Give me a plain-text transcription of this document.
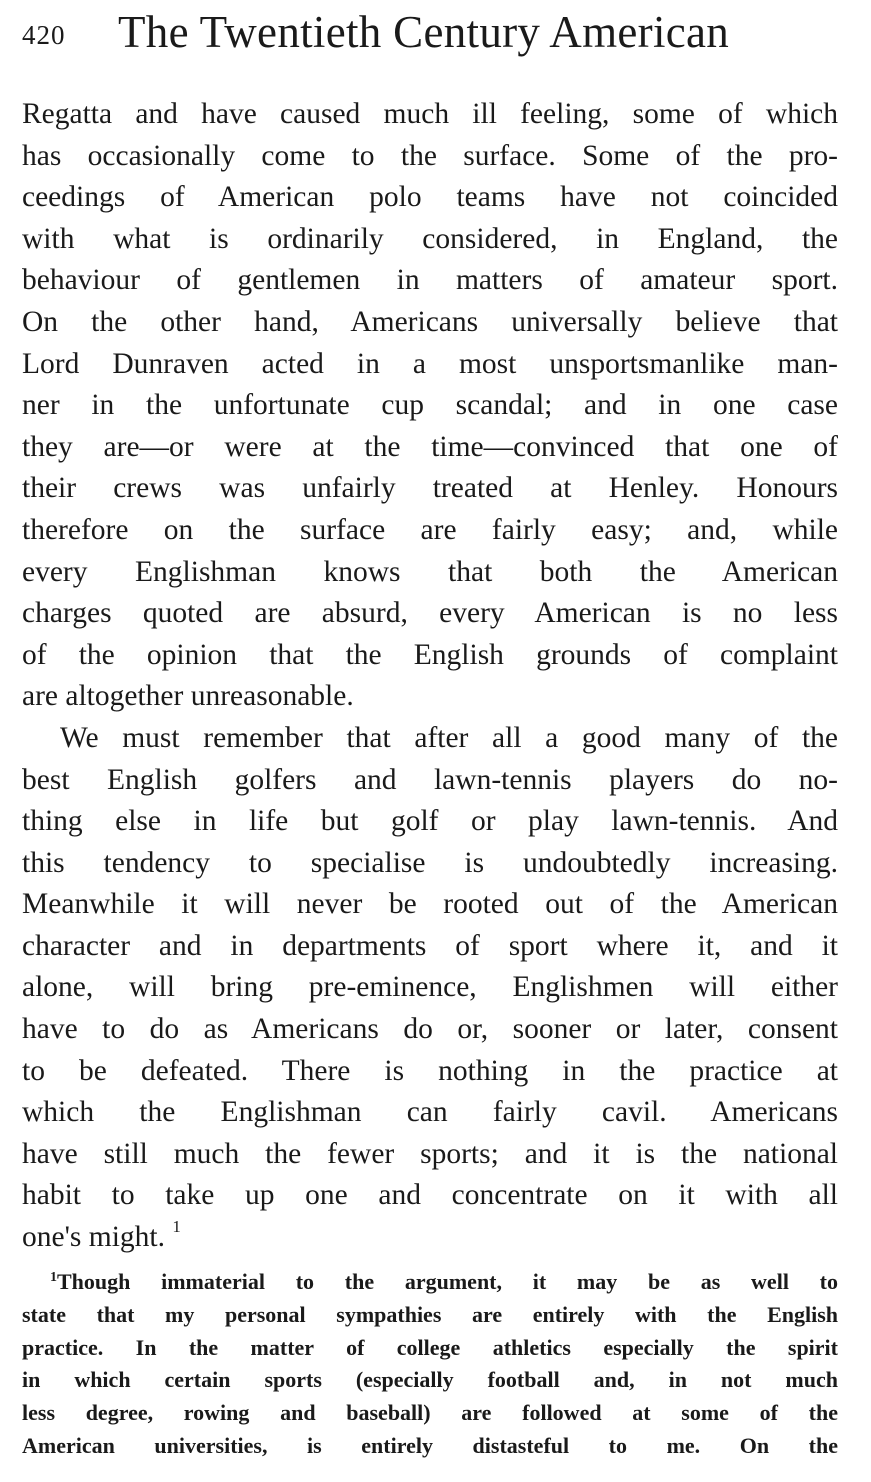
420 The Twentieth Century American
Regatta and have caused much ill feeling, some of which
has occasionally come to the surface. Some of the pro-
ceedings of American polo teams have not coincided
with what is ordinarily considered, in England, the
behaviour of gentlemen in matters of amateur sport.
On the other hand, Americans universally believe that
Lord Dunraven acted in a most unsportsmanlike man-
ner in the unfortunate cup scandal; and in one case
they are—or were at the time—convinced that one of
their crews was unfairly treated at Henley. Honours
therefore on the surface are fairly easy; and, while
every Englishman knows that both the American
charges quoted are absurd, every American is no less
of the opinion that the English grounds of complaint
are altogether unreasonable.
We must remember that after all a good many of the
best English golfers and lawn-tennis players do no-
thing else in life but golf or play lawn-tennis. And
this tendency to specialise is undoubtedly increasing.
Meanwhile it will never be rooted out of the American
character and in departments of sport where it, and it
alone, will bring pre-eminence, Englishmen will either
have to do as Americans do or, sooner or later, consent
to be defeated. There is nothing in the practice at
which the Englishman can fairly cavil. Americans
have still much the fewer sports; and it is the national
habit to take up one and concentrate on it with all
one's might. $^1$
$^1$Though immaterial to the argument, it may be as well to
state that my personal sympathies are entirely with the English
practice. In the matter of college athletics especially the spirit
in which certain sports (especially football and, in not much
less degree, rowing and baseball) are followed at some of the
American universities, is entirely distasteful to me. On the
